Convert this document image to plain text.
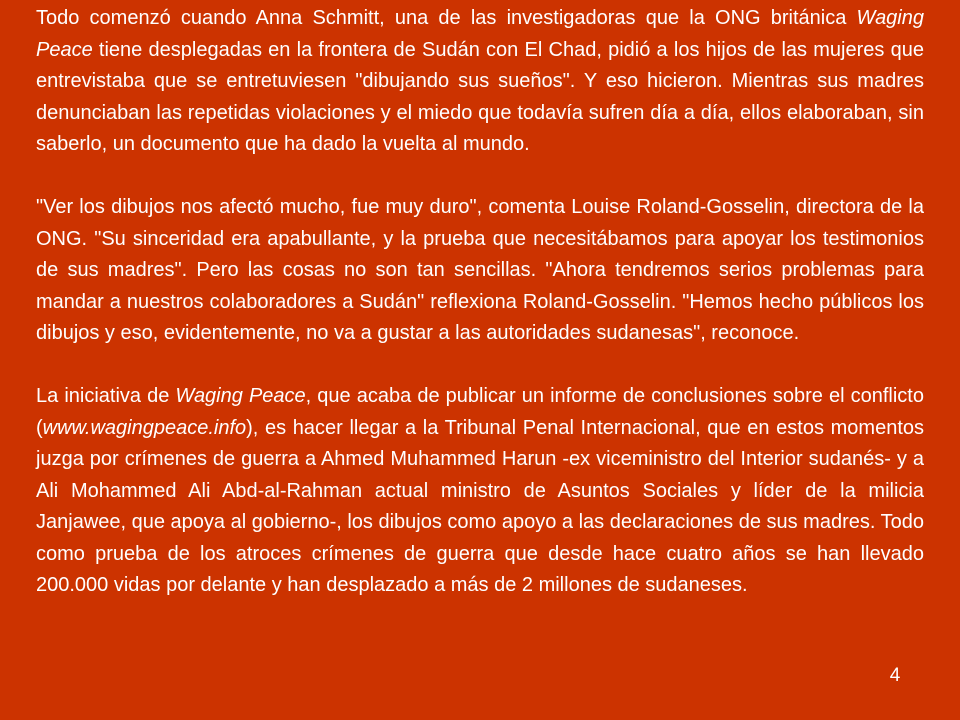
Todo comenzó cuando Anna Schmitt, una de las investigadoras que la ONG británica Waging Peace tiene desplegadas en la frontera de Sudán con El Chad, pidió a los hijos de las mujeres que entrevistaba que se entretuviesen "dibujando sus sueños". Y eso hicieron. Mientras sus madres denunciaban las repetidas violaciones y el miedo que todavía sufren día a día, ellos elaboraban, sin saberlo, un documento que ha dado la vuelta al mundo.

"Ver los dibujos nos afectó mucho, fue muy duro", comenta Louise Roland-Gosselin, directora de la ONG. "Su sinceridad era apabullante, y la prueba que necesitábamos para apoyar los testimonios de sus madres". Pero las cosas no son tan sencillas. "Ahora tendremos serios problemas para mandar a nuestros colaboradores a Sudán" reflexiona Roland-Gosselin. "Hemos hecho públicos los dibujos y eso, evidentemente, no va a gustar a las autoridades sudanesas", reconoce.

La iniciativa de Waging Peace, que acaba de publicar un informe de conclusiones sobre el conflicto (www.wagingpeace.info), es hacer llegar a la Tribunal Penal Internacional, que en estos momentos juzga por crímenes de guerra a Ahmed Muhammed Harun -ex viceministro del Interior sudanés- y a Ali Mohammed Ali Abd-al-Rahman actual ministro de Asuntos Sociales y líder de la milicia Janjawee, que apoya al gobierno-, los dibujos como apoyo a las declaraciones de sus madres. Todo como prueba de los atroces crímenes de guerra que desde hace cuatro años se han llevado 200.000 vidas por delante y han desplazado a más de 2 millones de sudaneses.

4
